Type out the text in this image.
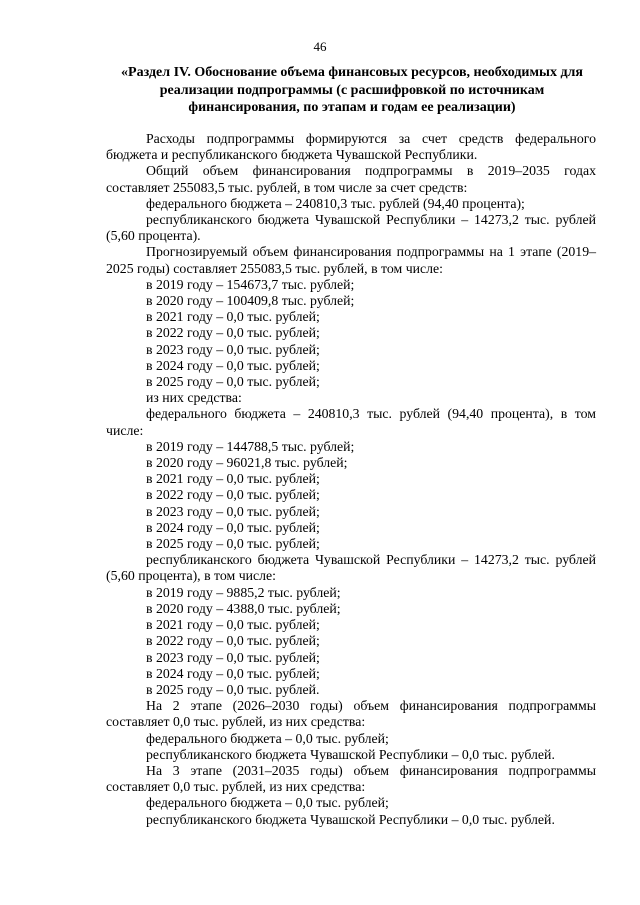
46
«Раздел IV. Обоснование объема финансовых ресурсов, необходимых для реализации подпрограммы (с расшифровкой по источникам финансирования, по этапам и годам ее реализации)

Расходы подпрограммы формируются за счет средств федерального бюджета и республиканского бюджета Чувашской Республики.

Общий объем финансирования подпрограммы в 2019–2035 годах составляет 255083,5 тыс. рублей, в том числе за счет средств:

федерального бюджета – 240810,3 тыс. рублей (94,40 процента);

республиканского бюджета Чувашской Республики – 14273,2 тыс. рублей (5,60 процента).

Прогнозируемый объем финансирования подпрограммы на 1 этапе (2019–2025 годы) составляет 255083,5 тыс. рублей, в том числе:

в 2019 году – 154673,7 тыс. рублей;

в 2020 году – 100409,8 тыс. рублей;

в 2021 году – 0,0 тыс. рублей;

в 2022 году – 0,0 тыс. рублей;

в 2023 году – 0,0 тыс. рублей;

в 2024 году – 0,0 тыс. рублей;

в 2025 году – 0,0 тыс. рублей;

из них средства:

федерального бюджета – 240810,3 тыс. рублей (94,40 процента), в том числе:

в 2019 году – 144788,5 тыс. рублей;

в 2020 году – 96021,8 тыс. рублей;

в 2021 году – 0,0 тыс. рублей;

в 2022 году – 0,0 тыс. рублей;

в 2023 году – 0,0 тыс. рублей;

в 2024 году – 0,0 тыс. рублей;

в 2025 году – 0,0 тыс. рублей;

республиканского бюджета Чувашской Республики – 14273,2 тыс. рублей (5,60 процента), в том числе:

в 2019 году – 9885,2 тыс. рублей;

в 2020 году – 4388,0 тыс. рублей;

в 2021 году – 0,0 тыс. рублей;

в 2022 году – 0,0 тыс. рублей;

в 2023 году – 0,0 тыс. рублей;

в 2024 году – 0,0 тыс. рублей;

в 2025 году – 0,0 тыс. рублей.

На 2 этапе (2026–2030 годы) объем финансирования подпрограммы составляет 0,0 тыс. рублей, из них средства:

федерального бюджета – 0,0 тыс. рублей;

республиканского бюджета Чувашской Республики – 0,0 тыс. рублей.

На 3 этапе (2031–2035 годы) объем финансирования подпрограммы составляет 0,0 тыс. рублей, из них средства:

федерального бюджета – 0,0 тыс. рублей;

республиканского бюджета Чувашской Республики – 0,0 тыс. рублей.
